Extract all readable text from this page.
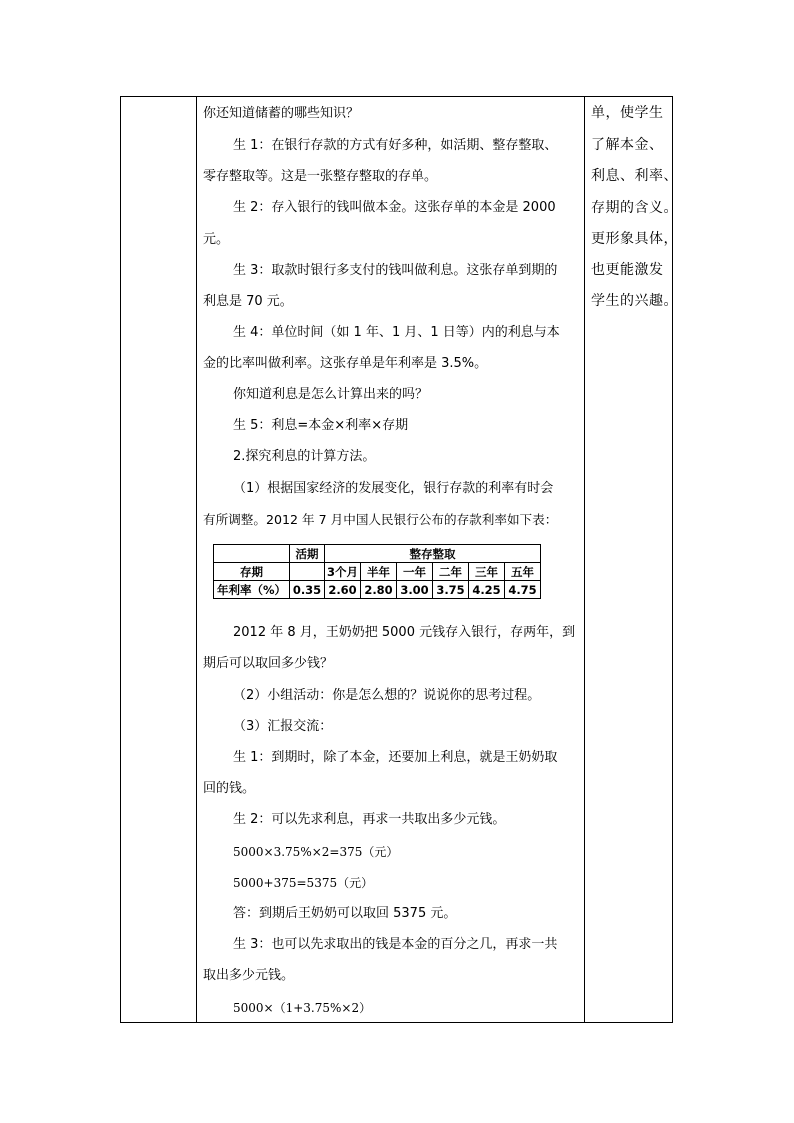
你还知道储蓄的哪些知识？
生 1：在银行存款的方式有好多种，如活期、整存整取、
零存整取等。这是一张整存整取的存单。
生 2：存入银行的钱叫做本金。这张存单的本金是 2000
元。
生 3：取款时银行多支付的钱叫做利息。这张存单到期的
利息是 70 元。
生 4：单位时间（如 1 年、1 月、1 日等）内的利息与本
金的比率叫做利率。这张存单是年利率是 3.5%。
你知道利息是怎么计算出来的吗？
生 5：利息=本金×利率×存期
2.探究利息的计算方法。
（1）根据国家经济的发展变化，银行存款的利率有时会
有所调整。2012 年 7 月中国人民银行公布的存款利率如下表：
	活期	整存整取					
存期		3个月	半年	一年	二年	三年	五年
年利率（%）	0.35	2.60	2.80	3.00	3.75	4.25	4.75
2012 年 8 月，王奶奶把 5000 元钱存入银行，存两年，到
期后可以取回多少钱？
（2）小组活动：你是怎么想的？说说你的思考过程。
（3）汇报交流：
生 1：到期时，除了本金，还要加上利息，就是王奶奶取
回的钱。
生 2：可以先求利息，再求一共取出多少元钱。
5000×3.75%×2=375（元）
5000+375=5375（元）
答：到期后王奶奶可以取回 5375 元。
生 3：也可以先求取出的钱是本金的百分之几，再求一共
取出多少元钱。
5000×（1+3.75%×2）
单，使学生
了解本金、
利息、利率、
存期的含义。
更形象具体，
也更能激发
学生的兴趣。
